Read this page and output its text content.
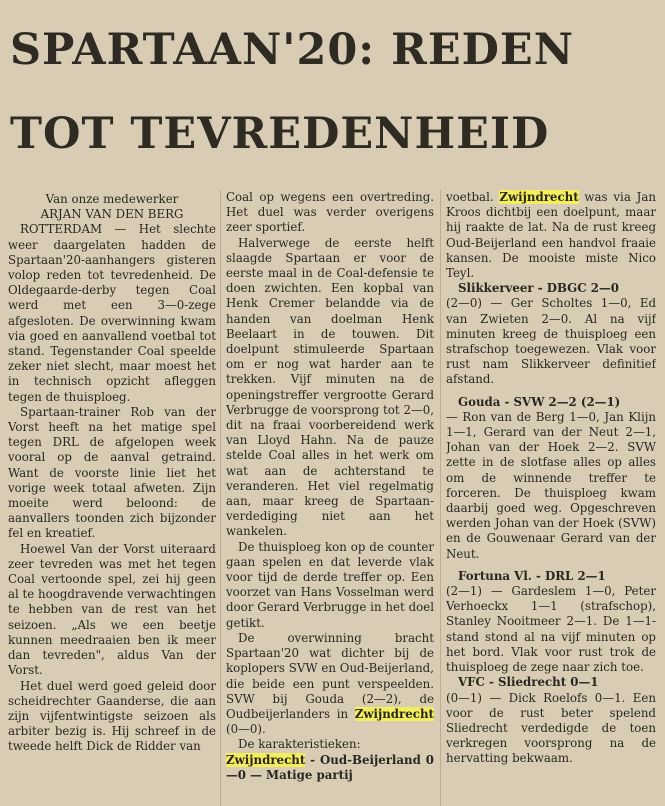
SPARTAAN'20: REDEN
TOT TEVREDENHEID

Van onze medewerker
ARJAN VAN DEN BERG

ROTTERDAM — Het slechte weer daargelaten hadden de Spartaan'20-aanhangers gisteren volop reden tot tevredenheid. De Oldegaarde-derby tegen Coal werd met een 3—0-zege afgesloten. De overwinning kwam via goed en aanvallend voetbal tot stand. Tegenstander Coal speelde zeker niet slecht, maar moest het in technisch opzicht afleggen tegen de thuisploeg.

Spartaan-trainer Rob van der Vorst heeft na het matige spel tegen DRL de afgelopen week vooral op de aanval getraind. Want de voorste linie liet het vorige week totaal afweten. Zijn moeite werd beloond: de aanvallers toonden zich bijzonder fel en kreatief.

Hoewel Van der Vorst uiteraard zeer tevreden was met het tegen Coal vertoonde spel, zei hij geen al te hoogdravende verwachtingen te hebben van de rest van het seizoen. „Als we een beetje kunnen meedraaien ben ik meer dan tevreden", aldus Van der Vorst.

Het duel werd goed geleid door scheidrechter Gaanderse, die aan zijn vijfentwintigste seizoen als arbiter bezig is. Hij schreef in de tweede helft Dick de Ridder van

Coal op wegens een overtreding. Het duel was verder overigens zeer sportief.

Halverwege de eerste helft slaagde Spartaan er voor de eerste maal in de Coal-defensie te doen zwichten. Een kopbal van Henk Cremer belandde via de handen van doelman Henk Beelaart in de touwen. Dit doelpunt stimuleerde Spartaan om er nog wat harder aan te trekken. Vijf minuten na de openingstreffer vergrootte Gerard Verbrugge de voorsprong tot 2—0, dit na fraai voorbereidend werk van Lloyd Hahn. Na de pauze stelde Coal alles in het werk om wat aan de achterstand te veranderen. Het viel regelmatig aan, maar kreeg de Spartaan-verdediging niet aan het wankelen.

De thuisploeg kon op de counter gaan spelen en dat leverde vlak voor tijd de derde treffer op. Een voorzet van Hans Vosselman werd door Gerard Verbrugge in het doel getikt.

De overwinning bracht Spartaan'20 wat dichter bij de koplopers SVW en Oud-Beijerland, die beide een punt verspeelden. SVW bij Gouda (2—2), de Oudbeijerlanders in Zwijndrecht (0—0).

De karakteristieken:

Zwijndrecht - Oud-Beijerland 0—0 — Matige partij

voetbal. Zwijndrecht was via Jan Kroos dichtbij een doelpunt, maar hij raakte de lat. Na de rust kreeg Oud-Beijerland een handvol fraaie kansen. De mooiste miste Nico Teyl.

Slikkerveer - DBGC 2—0

(2—0) — Ger Scholtes 1—0, Ed van Zwieten 2—0. Al na vijf minuten kreeg de thuisploeg een strafschop toegewezen. Vlak voor rust nam Slikkerveer definitief afstand.

Gouda - SVW 2—2 (2—1)

— Ron van de Berg 1—0, Jan Klijn 1—1, Gerard van der Neut 2—1, Johan van der Hoek 2—2. SVW zette in de slotfase alles op alles om de winnende treffer te forceren. De thuisploeg kwam daarbij goed weg. Opgeschreven werden Johan van der Hoek (SVW) en de Gouwenaar Gerard van der Neut.

Fortuna Vl. - DRL 2—1

(2—1) — Gardeslem 1—0, Peter Verhoeckx 1—1 (strafschop), Stanley Nooitmeer 2—1. De 1—1-stand stond al na vijf minuten op het bord. Vlak voor rust trok de thuisploeg de zege naar zich toe.

VFC - Sliedrecht 0—1

(0—1) — Dick Roelofs 0—1. Een voor de rust beter spelend Sliedrecht verdedigde de toen verkregen voorsprong na de hervatting bekwaam.
